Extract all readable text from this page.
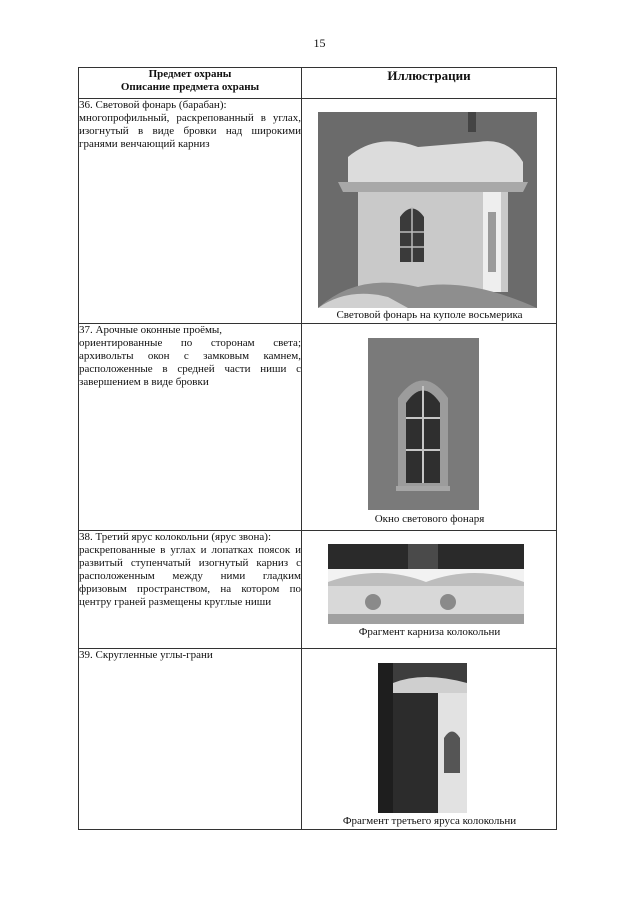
15
Предмет охраны
Описание предмета охраны	Иллюстрации

36. Световой фонарь (барабан):
многопрофильный, раскрепованный в углах, изогнутый в виде бровки над широкими гранями венчающий карниз	Световой фонарь на куполе восьмерика

37. Арочные оконные проёмы,
ориентированные по сторонам света; архивольты окон с замковым камнем, расположенные в средней части ниши с завершением в виде бровки	Окно светового фонаря

38. Третий ярус колокольни (ярус звона):
раскрепованные в углах и лопатках поясок и развитый ступенчатый изогнутый карниз с расположенным между ними гладким фризовым пространством, на котором по центру граней размещены круглые ниши	Фрагмент карниза колокольни

39. Скругленные углы-грани	Фрагмент третьего яруса колокольни
